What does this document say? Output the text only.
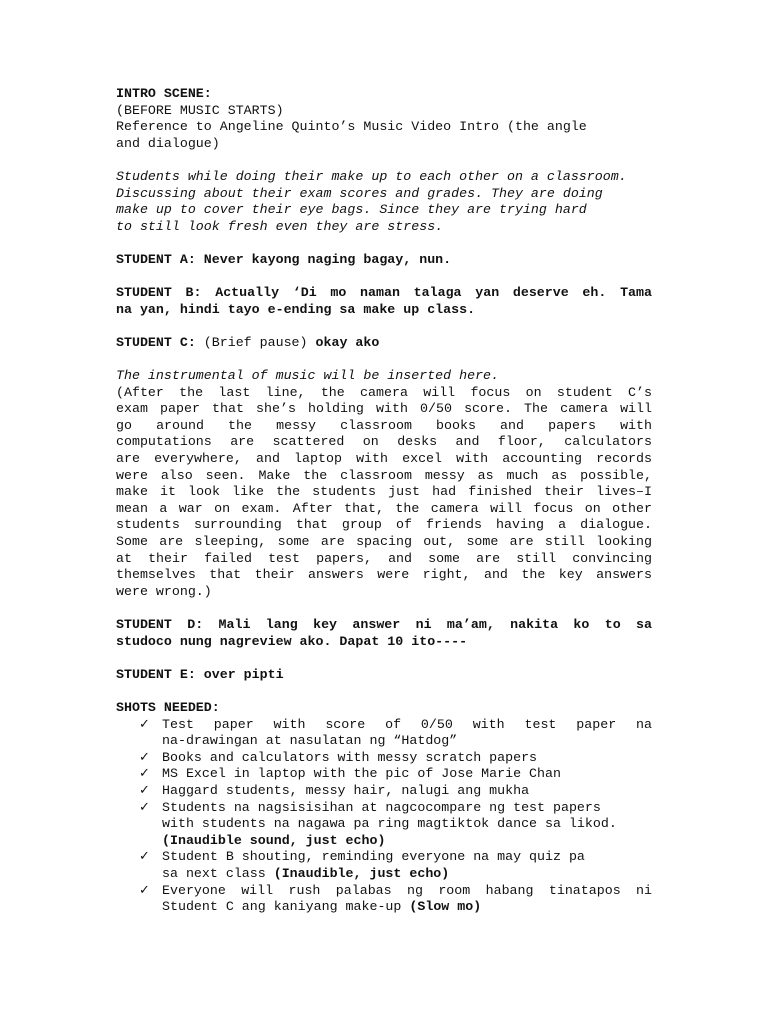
INTRO SCENE:
(BEFORE MUSIC STARTS)
Reference to Angeline Quinto’s Music Video Intro (the angle
and dialogue)
Students while doing their make up to each other on a classroom.
Discussing about their exam scores and grades. They are doing
make up to cover their eye bags. Since they are trying hard
to still look fresh even they are stress.
STUDENT A: Never kayong naging bagay, nun.
STUDENT B: Actually ‘Di mo naman talaga yan deserve eh. Tama
na yan, hindi tayo e-ending sa make up class.
STUDENT C: (Brief pause) okay ako
The instrumental of music will be inserted here.
(After the last line, the camera will focus on student C’s
exam paper that she’s holding with 0/50 score. The camera will
go around the messy classroom books and papers with
computations are scattered on desks and floor, calculators
are everywhere, and laptop with excel with accounting records
were also seen. Make the classroom messy as much as possible,
make it look like the students just had finished their lives–I
mean a war on exam. After that, the camera will focus on other
students surrounding that group of friends having a dialogue.
Some are sleeping, some are spacing out, some are still looking
at their failed test papers, and some are still convincing
themselves that their answers were right, and the key answers
were wrong.)
STUDENT D: Mali lang key answer ni ma’am, nakita ko to sa
studoco nung nagreview ako. Dapat 10 ito----
STUDENT E: over pipti
SHOTS NEEDED:
✓ Test paper with score of 0/50 with test paper na
na-drawingan at nasulatan ng “Hatdog”
✓ Books and calculators with messy scratch papers
✓ MS Excel in laptop with the pic of Jose Marie Chan
✓ Haggard students, messy hair, nalugi ang mukha
✓ Students na nagsisisihan at nagcocompare ng test papers
with students na nagawa pa ring magtiktok dance sa likod.
(Inaudible sound, just echo)
✓ Student B shouting, reminding everyone na may quiz pa
sa next class (Inaudible, just echo)
✓ Everyone will rush palabas ng room habang tinatapos ni
Student C ang kaniyang make-up (Slow mo)
